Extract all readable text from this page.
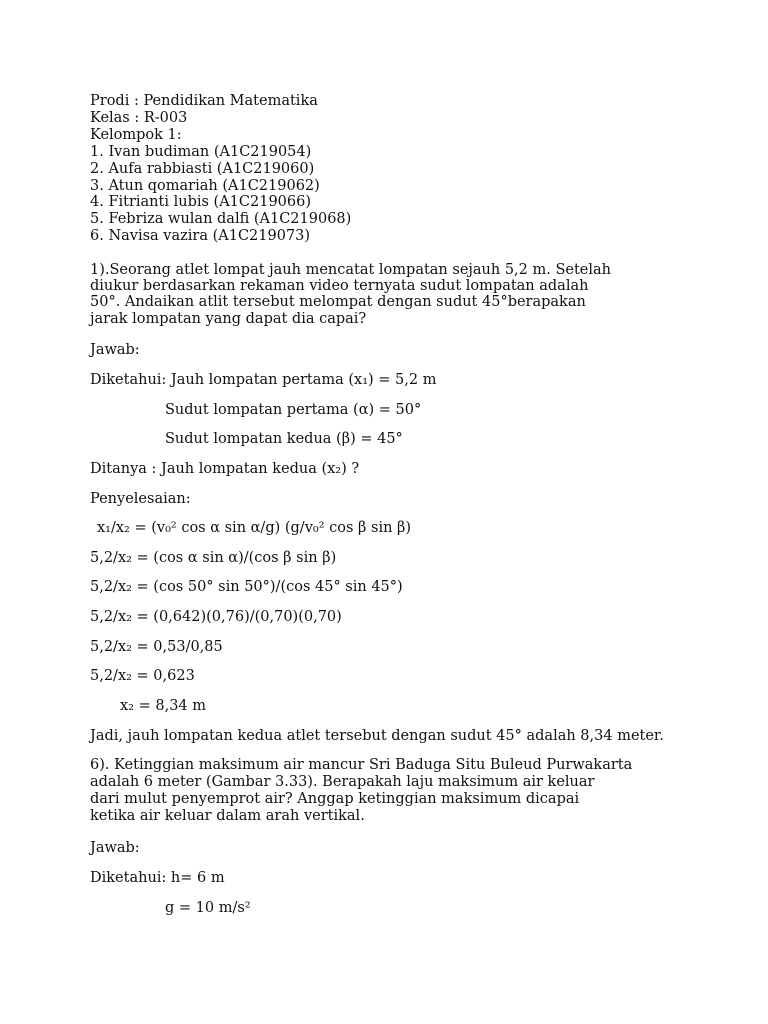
Prodi : Pendidikan Matematika
Kelas : R-003
Kelompok 1:
1. Ivan budiman (A1C219054)
2. Aufa rabbiasti (A1C219060)
3. Atun qomariah (A1C219062)
4. Fitrianti lubis (A1C219066)
5. Febriza wulan dalfi (A1C219068)
6. Navisa vazira (A1C219073)
1).Seorang atlet lompat jauh mencatat lompatan sejauh 5,2 m. Setelah
diukur berdasarkan rekaman video ternyata sudut lompatan adalah
50°. Andaikan atlit tersebut melompat dengan sudut 45°berapakan
jarak lompatan yang dapat dia capai?
Jawab:
Diketahui: Jauh lompatan pertama (x₁) = 5,2 m
Sudut lompatan pertama (α) = 50°
Sudut lompatan kedua (β) = 45°
Ditanya : Jauh lompatan kedua (x₂) ?
Penyelesaian:
x₁/x₂ = (v₀² cos α sin α/g) (g/v₀² cos β sin β)
5,2/x₂ = (cos α sin α)/(cos β sin β)
5,2/x₂ = (cos 50° sin 50°)/(cos 45° sin 45°)
5,2/x₂ = (0,642)(0,76)/(0,70)(0,70)
5,2/x₂ = 0,53/0,85
5,2/x₂ = 0,623
x₂ = 8,34 m
Jadi, jauh lompatan kedua atlet tersebut dengan sudut 45° adalah 8,34 meter.
6). Ketinggian maksimum air mancur Sri Baduga Situ Buleud Purwakarta
adalah 6 meter (Gambar 3.33). Berapakah laju maksimum air keluar
dari mulut penyemprot air? Anggap ketinggian maksimum dicapai
ketika air keluar dalam arah vertikal.
Jawab:
Diketahui: h= 6 m
g = 10 m/s²
